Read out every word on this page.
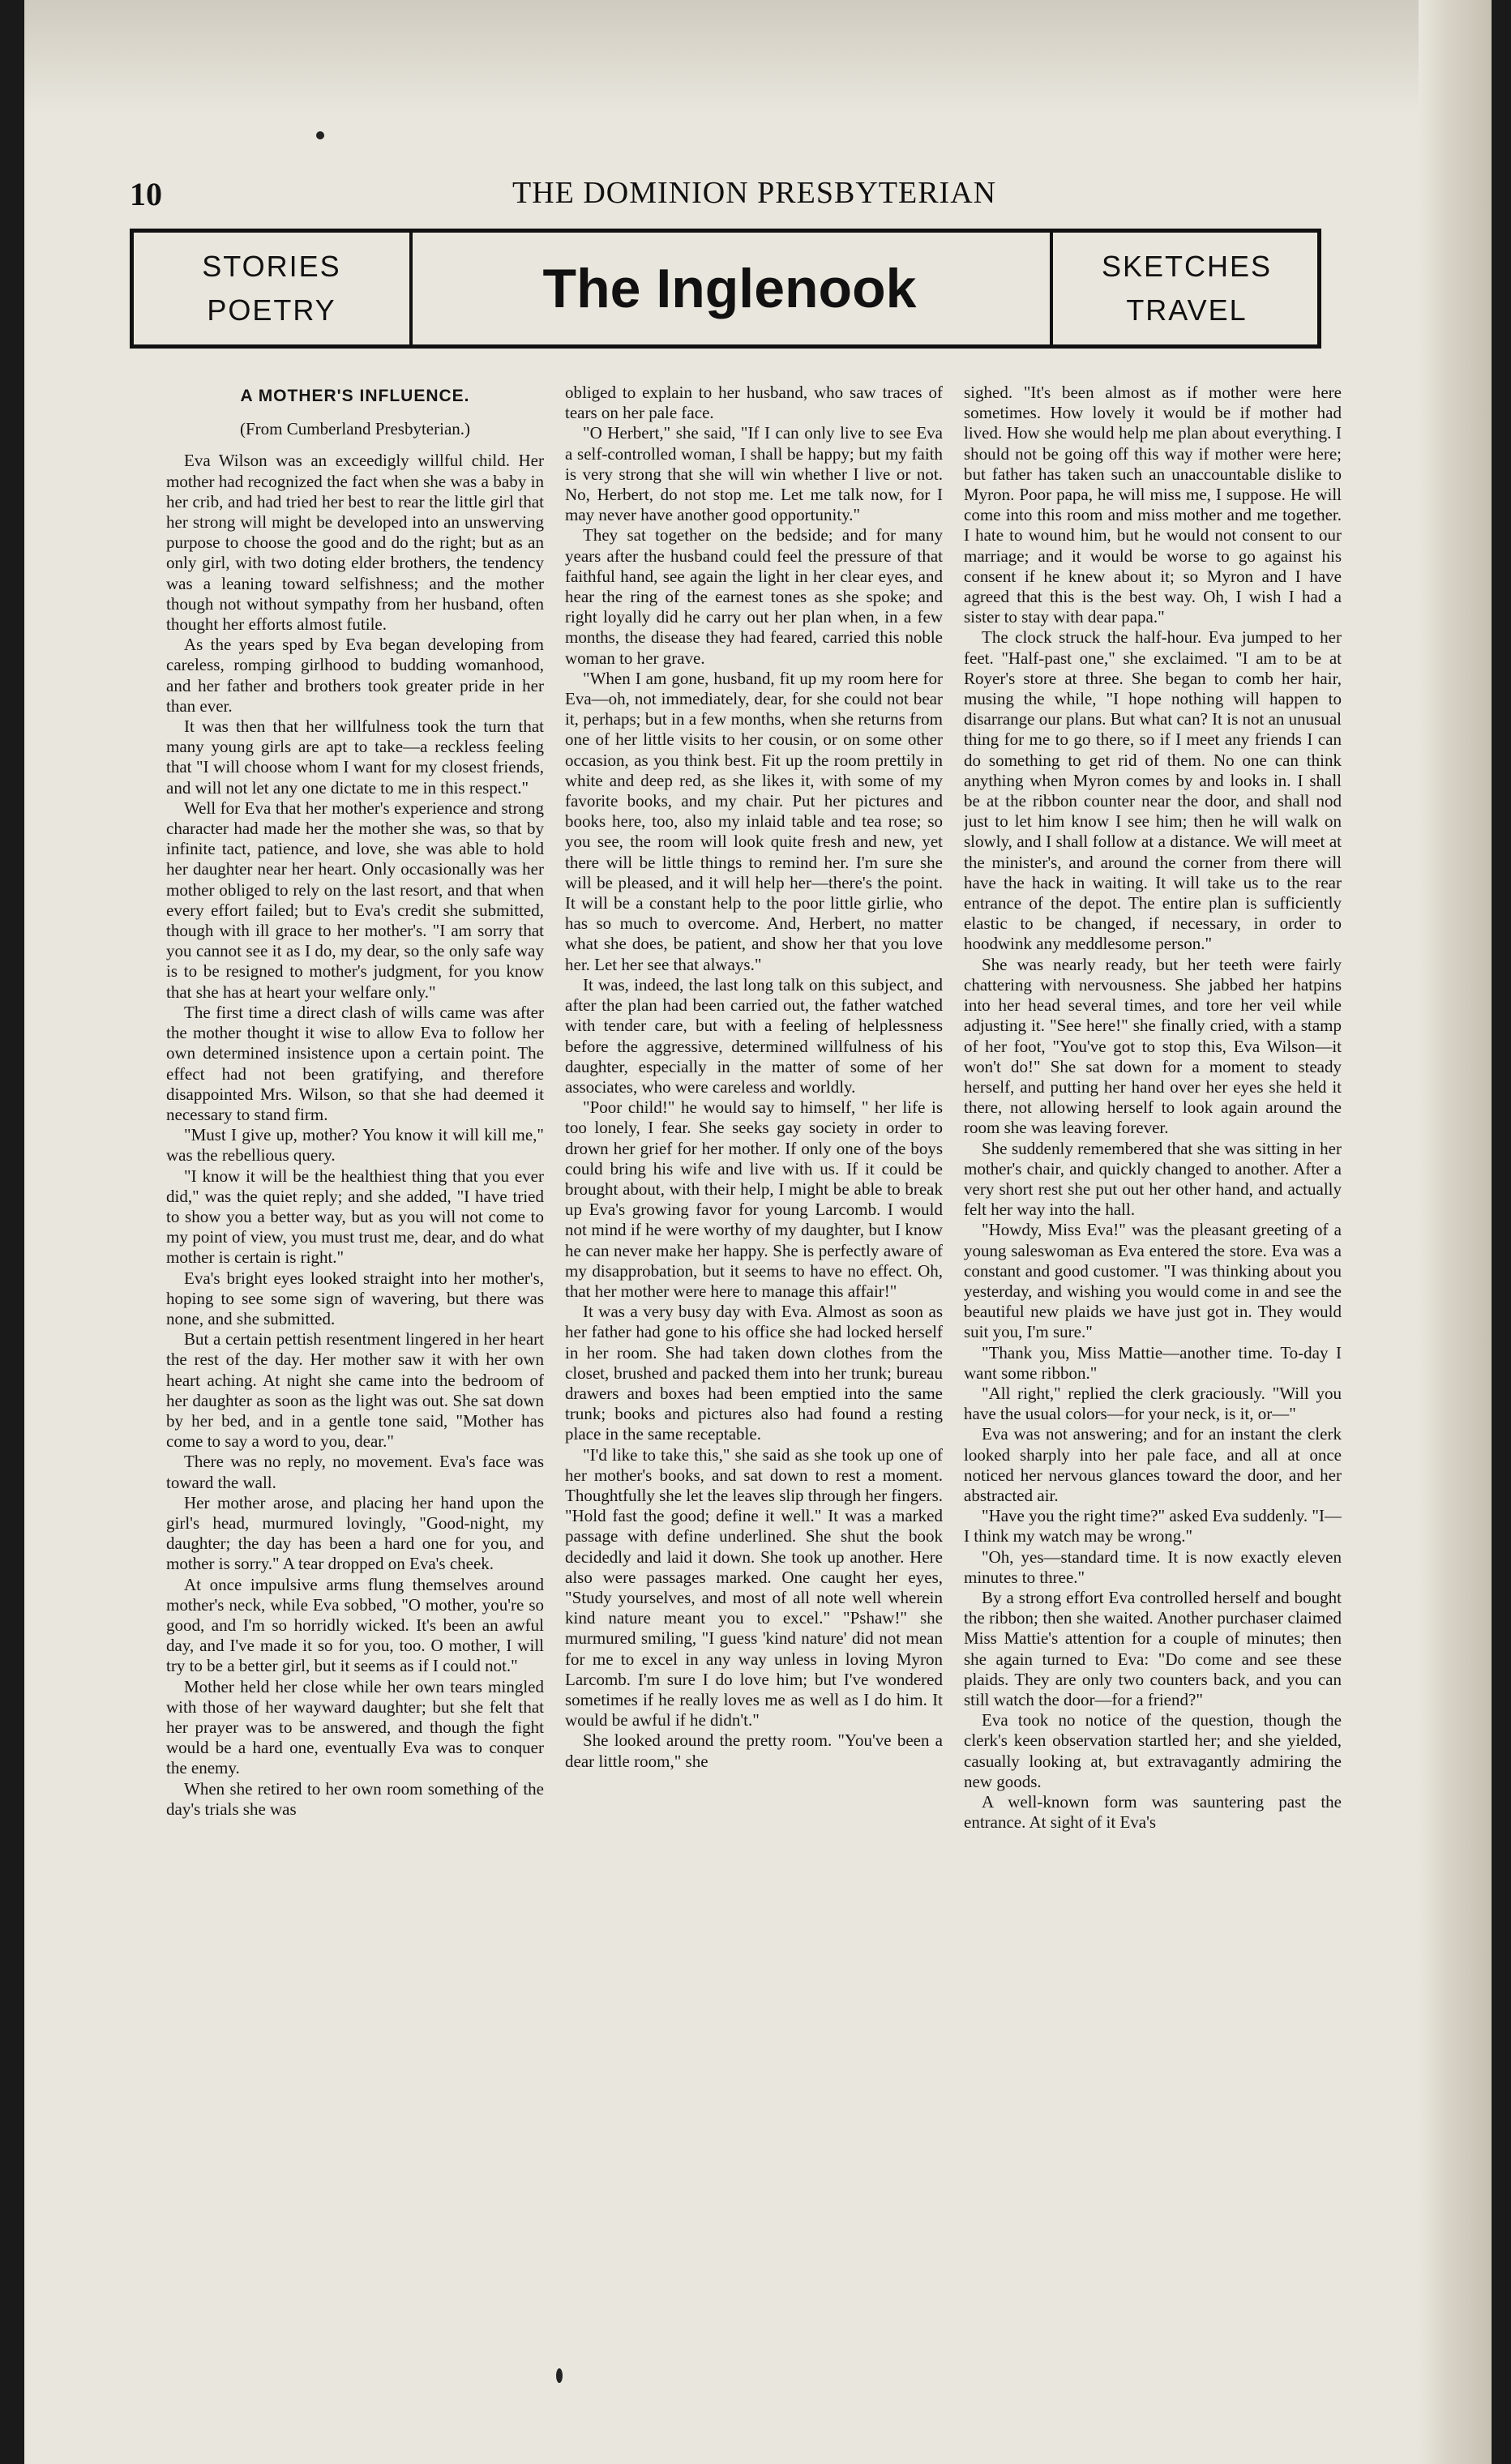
10	THE DOMINION PRESBYTERIAN
STORIES
POETRY	The Inglenook	SKETCHES
TRAVEL
A MOTHER'S INFLUENCE.
(From Cumberland Presbyterian.)

Eva Wilson was an exceedigly willful child. Her mother had recognized the fact when she was a baby in her crib, and had tried her best to rear the little girl that her strong will might be developed into an unswerving purpose to choose the good and do the right; but as an only girl, with two doting elder brothers, the tendency was a leaning toward selfishness; and the mother though not without sympathy from her husband, often thought her efforts almost futile.

As the years sped by Eva began developing from careless, romping girlhood to budding womanhood, and her father and brothers took greater pride in her than ever.

It was then that her willfulness took the turn that many young girls are apt to take—a reckless feeling that "I will choose whom I want for my closest friends, and will not let any one dictate to me in this respect."

Well for Eva that her mother's experience and strong character had made her the mother she was, so that by infinite tact, patience, and love, she was able to hold her daughter near her heart. Only occasionally was her mother obliged to rely on the last resort, and that when every effort failed; but to Eva's credit she submitted, though with ill grace to her mother's. "I am sorry that you cannot see it as I do, my dear, so the only safe way is to be resigned to mother's judgment, for you know that she has at heart your welfare only."

The first time a direct clash of wills came was after the mother thought it wise to allow Eva to follow her own determined insistence upon a certain point. The effect had not been gratifying, and therefore disappointed Mrs. Wilson, so that she had deemed it necessary to stand firm.

"Must I give up, mother? You know it will kill me," was the rebellious query.

"I know it will be the healthiest thing that you ever did," was the quiet reply; and she added, "I have tried to show you a better way, but as you will not come to my point of view, you must trust me, dear, and do what mother is certain is right."

Eva's bright eyes looked straight into her mother's, hoping to see some sign of wavering, but there was none, and she submitted.

But a certain pettish resentment lingered in her heart the rest of the day. Her mother saw it with her own heart aching. At night she came into the bedroom of her daughter as soon as the light was out. She sat down by her bed, and in a gentle tone said, "Mother has come to say a word to you, dear."

There was no reply, no movement. Eva's face was toward the wall.

Her mother arose, and placing her hand upon the girl's head, murmured lovingly, "Good-night, my daughter; the day has been a hard one for you, and mother is sorry." A tear dropped on Eva's cheek.

At once impulsive arms flung themselves around mother's neck, while Eva sobbed, "O mother, you're so good, and I'm so horridly wicked. It's been an awful day, and I've made it so for you, too. O mother, I will try to be a better girl, but it seems as if I could not."

Mother held her close while her own tears mingled with those of her wayward daughter; but she felt that her prayer was to be answered, and though the fight would be a hard one, eventually Eva was to conquer the enemy.

When she retired to her own room something of the day's trials she was

obliged to explain to her husband, who saw traces of tears on her pale face.

"O Herbert," she said, "If I can only live to see Eva a self-controlled woman, I shall be happy; but my faith is very strong that she will win whether I live or not. No, Herbert, do not stop me. Let me talk now, for I may never have another good opportunity."

They sat together on the bedside; and for many years after the husband could feel the pressure of that faithful hand, see again the light in her clear eyes, and hear the ring of the earnest tones as she spoke; and right loyally did he carry out her plan when, in a few months, the disease they had feared, carried this noble woman to her grave.

"When I am gone, husband, fit up my room here for Eva—oh, not immediately, dear, for she could not bear it, perhaps; but in a few months, when she returns from one of her little visits to her cousin, or on some other occasion, as you think best. Fit up the room prettily in white and deep red, as she likes it, with some of my favorite books, and my chair. Put her pictures and books here, too, also my inlaid table and tea rose; so you see, the room will look quite fresh and new, yet there will be little things to remind her. I'm sure she will be pleased, and it will help her—there's the point. It will be a constant help to the poor little girlie, who has so much to overcome. And, Herbert, no matter what she does, be patient, and show her that you love her. Let her see that always."

It was, indeed, the last long talk on this subject, and after the plan had been carried out, the father watched with tender care, but with a feeling of helplessness before the aggressive, determined willfulness of his daughter, especially in the matter of some of her associates, who were careless and worldly.

"Poor child!" he would say to himself, " her life is too lonely, I fear. She seeks gay society in order to drown her grief for her mother. If only one of the boys could bring his wife and live with us. If it could be brought about, with their help, I might be able to break up Eva's growing favor for young Larcomb. I would not mind if he were worthy of my daughter, but I know he can never make her happy. She is perfectly aware of my disapprobation, but it seems to have no effect. Oh, that her mother were here to manage this affair!"

It was a very busy day with Eva. Almost as soon as her father had gone to his office she had locked herself in her room. She had taken down clothes from the closet, brushed and packed them into her trunk; bureau drawers and boxes had been emptied into the same trunk; books and pictures also had found a resting place in the same receptable.

"I'd like to take this," she said as she took up one of her mother's books, and sat down to rest a moment. Thoughtfully she let the leaves slip through her fingers. "Hold fast the good; define it well." It was a marked passage with define underlined. She shut the book decidedly and laid it down. She took up another. Here also were passages marked. One caught her eyes, "Study yourselves, and most of all note well wherein kind nature meant you to excel." "Pshaw!" she murmured smiling, "I guess 'kind nature' did not mean for me to excel in any way unless in loving Myron Larcomb. I'm sure I do love him; but I've wondered sometimes if he really loves me as well as I do him. It would be awful if he didn't."

She looked around the pretty room. "You've been a dear little room," she

sighed. "It's been almost as if mother were here sometimes. How lovely it would be if mother had lived. How she would help me plan about everything. I should not be going off this way if mother were here; but father has taken such an unaccountable dislike to Myron. Poor papa, he will miss me, I suppose. He will come into this room and miss mother and me together. I hate to wound him, but he would not consent to our marriage; and it would be worse to go against his consent if he knew about it; so Myron and I have agreed that this is the best way. Oh, I wish I had a sister to stay with dear papa."

The clock struck the half-hour. Eva jumped to her feet. "Half-past one," she exclaimed. "I am to be at Royer's store at three. She began to comb her hair, musing the while, "I hope nothing will happen to disarrange our plans. But what can? It is not an unusual thing for me to go there, so if I meet any friends I can do something to get rid of them. No one can think anything when Myron comes by and looks in. I shall be at the ribbon counter near the door, and shall nod just to let him know I see him; then he will walk on slowly, and I shall follow at a distance. We will meet at the minister's, and around the corner from there will have the hack in waiting. It will take us to the rear entrance of the depot. The entire plan is sufficiently elastic to be changed, if necessary, in order to hoodwink any meddlesome person."

She was nearly ready, but her teeth were fairly chattering with nervousness. She jabbed her hatpins into her head several times, and tore her veil while adjusting it. "See here!" she finally cried, with a stamp of her foot, "You've got to stop this, Eva Wilson—it won't do!" She sat down for a moment to steady herself, and putting her hand over her eyes she held it there, not allowing herself to look again around the room she was leaving forever.

She suddenly remembered that she was sitting in her mother's chair, and quickly changed to another. After a very short rest she put out her other hand, and actually felt her way into the hall.

"Howdy, Miss Eva!" was the pleasant greeting of a young saleswoman as Eva entered the store. Eva was a constant and good customer. "I was thinking about you yesterday, and wishing you would come in and see the beautiful new plaids we have just got in. They would suit you, I'm sure."

"Thank you, Miss Mattie—another time. To-day I want some ribbon."

"All right," replied the clerk graciously. "Will you have the usual colors—for your neck, is it, or—"

Eva was not answering; and for an instant the clerk looked sharply into her pale face, and all at once noticed her nervous glances toward the door, and her abstracted air.

"Have you the right time?" asked Eva suddenly. "I—I think my watch may be wrong."

"Oh, yes—standard time. It is now exactly eleven minutes to three."

By a strong effort Eva controlled herself and bought the ribbon; then she waited. Another purchaser claimed Miss Mattie's attention for a couple of minutes; then she again turned to Eva: "Do come and see these plaids. They are only two counters back, and you can still watch the door—for a friend?"

Eva took no notice of the question, though the clerk's keen observation startled her; and she yielded, casually looking at, but extravagantly admiring the new goods.

A well-known form was sauntering past the entrance. At sight of it Eva's
